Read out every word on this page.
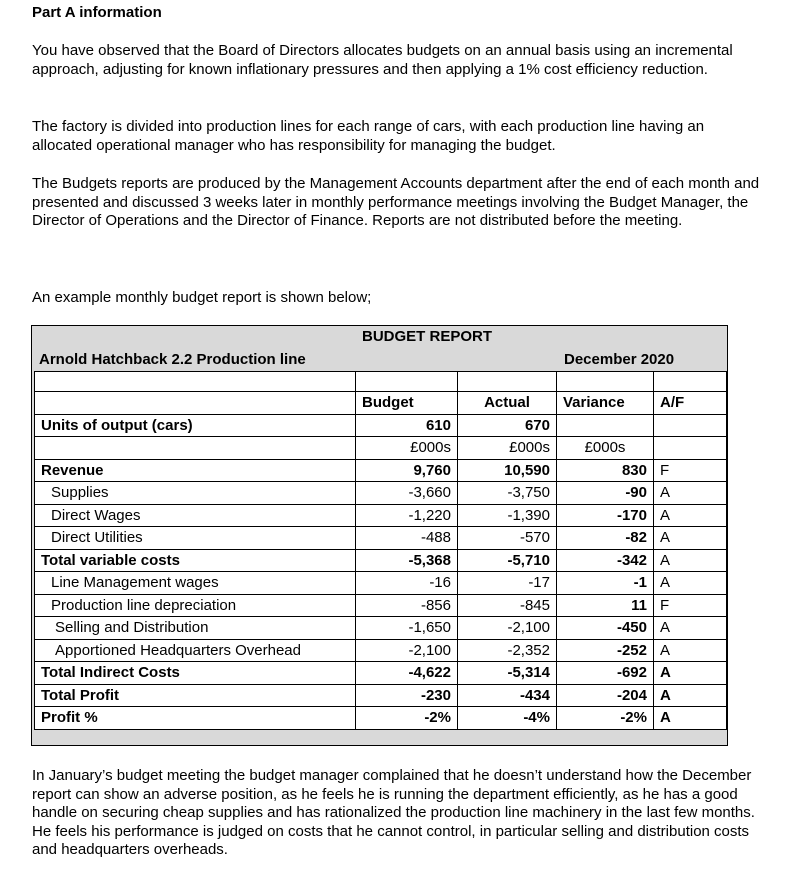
Part A information
You have observed that the Board of Directors allocates budgets on an annual basis using an incremental approach, adjusting for known inflationary pressures and then applying a 1% cost efficiency reduction.
The factory is divided into production lines for each range of cars, with each production line having an allocated operational manager who has responsibility for managing the budget.
The Budgets reports are produced by the Management Accounts department after the end of each month and presented and discussed 3 weeks later in monthly performance meetings involving the Budget Manager, the Director of Operations and the Director of Finance. Reports are not distributed before the meeting.
An example monthly budget report is shown below;
BUDGET REPORT
Arnold Hatchback 2.2 Production line	December 2020

	Budget	Actual	Variance	A/F
Units of output (cars)	610	670		
	£000s	£000s	£000s	
Revenue	9,760	10,590	830	F
Supplies	-3,660	-3,750	-90	A
Direct Wages	-1,220	-1,390	-170	A
Direct Utilities	-488	-570	-82	A
Total variable costs	-5,368	-5,710	-342	A
Line Management wages	-16	-17	-1	A
Production line depreciation	-856	-845	11	F
Selling and Distribution	-1,650	-2,100	-450	A
Apportioned Headquarters Overhead	-2,100	-2,352	-252	A
Total Indirect Costs	-4,622	-5,314	-692	A
Total Profit	-230	-434	-204	A
Profit %	-2%	-4%	-2%	A
In January’s budget meeting the budget manager complained that he doesn’t understand how the December report can show an adverse position, as he feels he is running the department efficiently, as he has a good handle on securing cheap supplies and has rationalized the production line machinery in the last few months. He feels his performance is judged on costs that he cannot control, in particular selling and distribution costs and headquarters overheads.
